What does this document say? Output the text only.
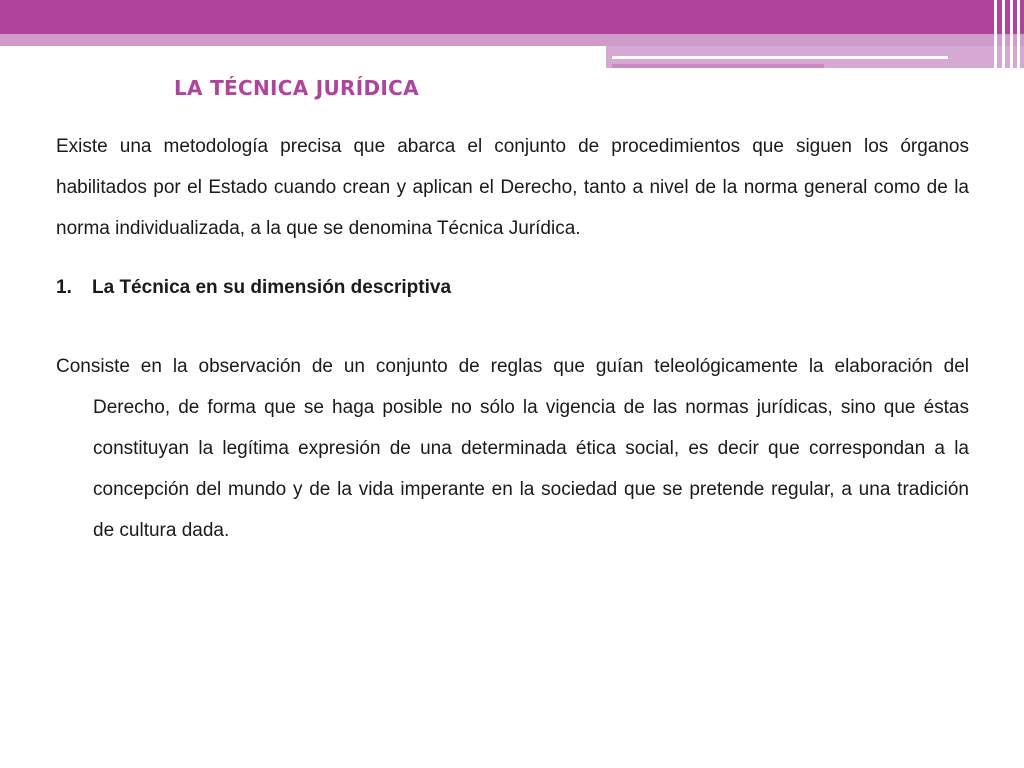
LA TÉCNICA JURÍDICA

Existe una metodología precisa que abarca el conjunto de procedimientos que siguen los órganos habilitados por el Estado cuando crean y aplican el Derecho, tanto a nivel de la norma general como de la norma individualizada, a la que se denomina Técnica Jurídica.

1. La Técnica en su dimensión descriptiva

Consiste en la observación de un conjunto de reglas que guían teleológicamente la elaboración del Derecho, de forma que se haga posible no sólo la vigencia de las normas jurídicas, sino que éstas constituyan la legítima expresión de una determinada ética social, es decir que correspondan a la concepción del mundo y de la vida imperante en la sociedad que se pretende regular, a una tradición de cultura dada.
